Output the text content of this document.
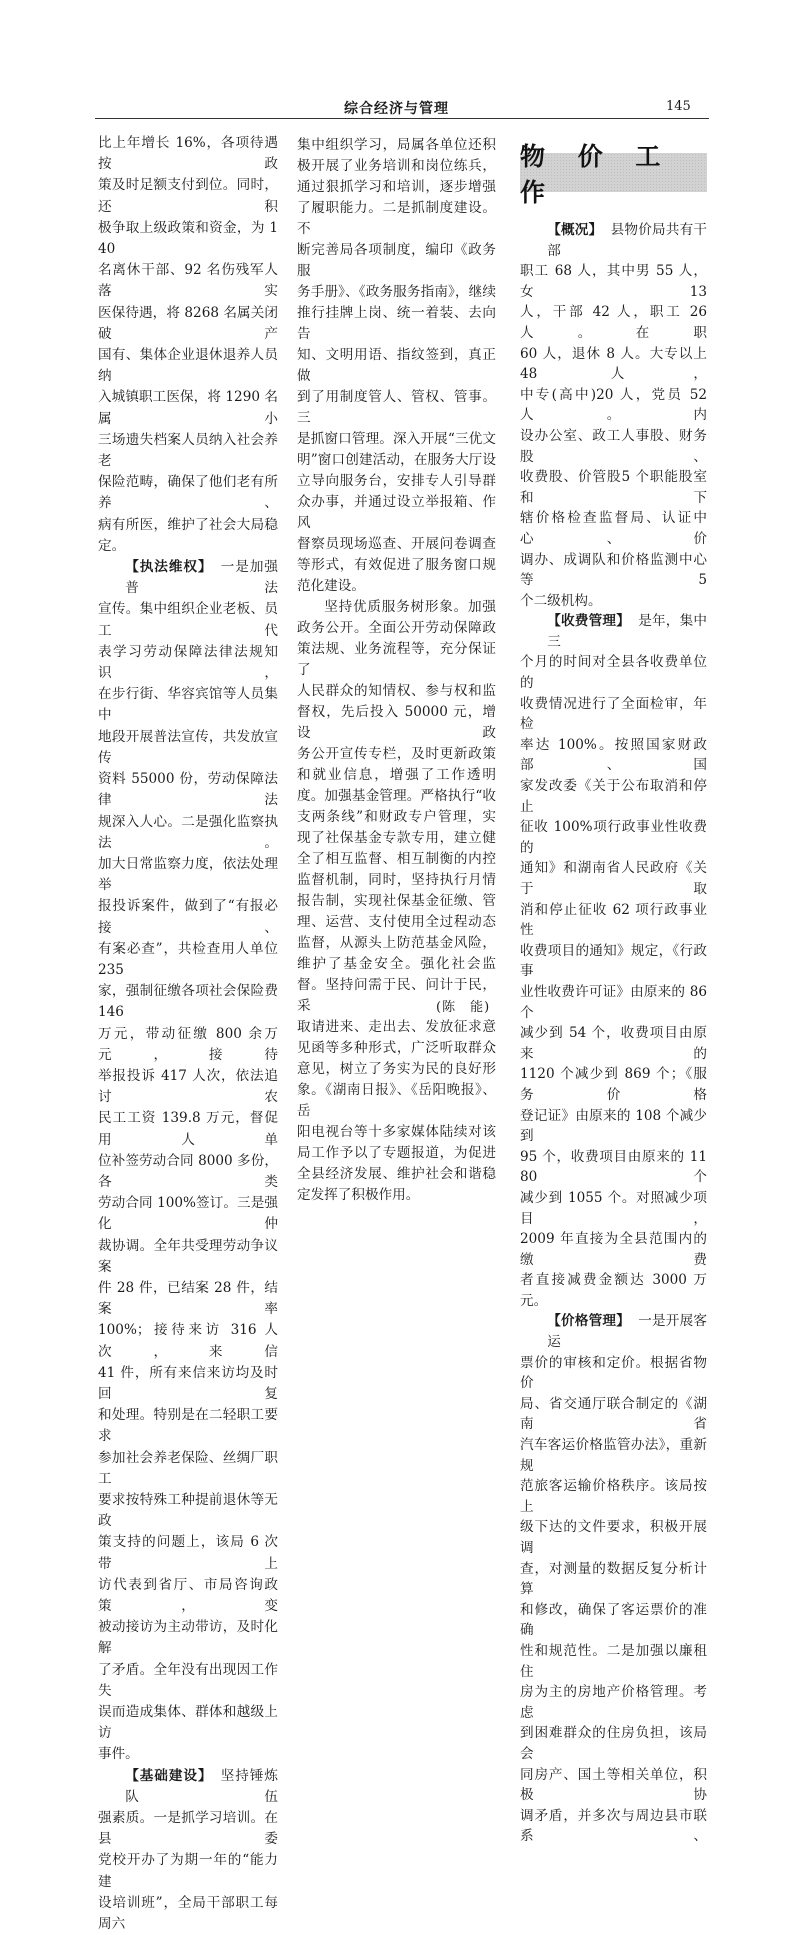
综合经济与管理	145
比上年增长 16%，各项待遇按政
策及时足额支付到位。同时，还积
极争取上级政策和资金，为 140
名离休干部、92 名伤残军人落实
医保待遇，将 8268 名属关闭破产
国有、集体企业退休退养人员纳
入城镇职工医保，将 1290 名属小
三场遗失档案人员纳入社会养老
保险范畴，确保了他们老有所养、
病有所医，维护了社会大局稳定。
【执法维权】 一是加强普法
宣传。集中组织企业老板、员工代
表学习劳动保障法律法规知识，
在步行街、华容宾馆等人员集中
地段开展普法宣传，共发放宣传
资料 55000 份，劳动保障法律法
规深入人心。二是强化监察执法。
加大日常监察力度，依法处理举
报投诉案件，做到了“有报必接、
有案必查”，共检查用人单位 235
家，强制征缴各项社会保险费 146
万元，带动征缴 800 余万元，接待
举报投诉 417 人次，依法追讨农
民工工资 139.8 万元，督促用人单
位补签劳动合同 8000 多份，各类
劳动合同 100%签订。三是强化仲
裁协调。全年共受理劳动争议案
件 28 件，已结案 28 件，结案率
100%；接待来访 316 人次，来信
41 件，所有来信来访均及时回复
和处理。特别是在二轻职工要求
参加社会养老保险、丝绸厂职工
要求按特殊工种提前退休等无政
策支持的问题上，该局 6 次带上
访代表到省厅、市局咨询政策，变
被动接访为主动带访，及时化解
了矛盾。全年没有出现因工作失
误而造成集体、群体和越级上访
事件。
【基础建设】 坚持锤炼队伍
强素质。一是抓学习培训。在县委
党校开办了为期一年的“能力建
设培训班”，全局干部职工每周六
集中组织学习，局属各单位还积
极开展了业务培训和岗位练兵，
通过狠抓学习和培训，逐步增强
了履职能力。二是抓制度建设。不
断完善局各项制度，编印《政务服
务手册》、《政务服务指南》，继续
推行挂牌上岗、统一着装、去向告
知、文明用语、指纹签到，真正做
到了用制度管人、管权、管事。三
是抓窗口管理。深入开展“三优文
明”窗口创建活动，在服务大厅设
立导向服务台，安排专人引导群
众办事，并通过设立举报箱、作风
督察员现场巡查、开展问卷调查
等形式，有效促进了服务窗口规
范化建设。
坚持优质服务树形象。加强
政务公开。全面公开劳动保障政
策法规、业务流程等，充分保证了
人民群众的知情权、参与权和监
督权，先后投入 50000 元，增设政
务公开宣传专栏，及时更新政策
和就业信息，增强了工作透明
度。加强基金管理。严格执行“收
支两条线”和财政专户管理，实
现了社保基金专款专用，建立健
全了相互监督、相互制衡的内控
监督机制，同时，坚持执行月情
报告制，实现社保基金征缴、管
理、运营、支付使用全过程动态
监督，从源头上防范基金风险，
维护了基金安全。强化社会监
督。坚持问需于民、问计于民，采
取请进来、走出去、发放征求意
见函等多种形式，广泛听取群众
意见，树立了务实为民的良好形
象。《湖南日报》、《岳阳晚报》、岳
阳电视台等十多家媒体陆续对该
局工作予以了专题报道，为促进
全县经济发展、维护社会和谐稳
定发挥了积极作用。
物 价 工 作
【概况】 县物价局共有干部
职工 68 人，其中男 55 人，女 13
人，干部 42 人，职工 26 人。在职
60 人，退休 8 人。大专以上 48 人，
中专(高中)20 人，党员 52 人。内
设办公室、政工人事股、财务股、
收费股、价管股5 个职能股室和下
辖价格检查监督局、认证中心、价
调办、成调队和价格监测中心等 5
个二级机构。
【收费管理】 是年，集中三
个月的时间对全县各收费单位的
收费情况进行了全面检审，年检
率达 100%。按照国家财政部、国
家发改委《关于公布取消和停止
征收 100%项行政事业性收费的
通知》和湖南省人民政府《关于取
消和停止征收 62 项行政事业性
收费项目的通知》规定，《行政事
业性收费许可证》由原来的 86 个
减少到 54 个，收费项目由原来的
1120 个减少到 869 个；《服务价格
登记证》由原来的 108 个减少到
95 个，收费项目由原来的 1180 个
减少到 1055 个。对照减少项目，
2009 年直接为全县范围内的缴费
者直接减费金额达 3000 万元。
【价格管理】 一是开展客运
票价的审核和定价。根据省物价
局、省交通厅联合制定的《湖南省
汽车客运价格监管办法》，重新规
范旅客运输价格秩序。该局按上
级下达的文件要求，积极开展调
查，对测量的数据反复分析计算
和修改，确保了客运票价的准确
性和规范性。二是加强以廉租住
房为主的房地产价格管理。考虑
到困难群众的住房负担，该局会
同房产、国土等相关单位，积极协
调矛盾，并多次与周边县市联系、
(陈　能)
